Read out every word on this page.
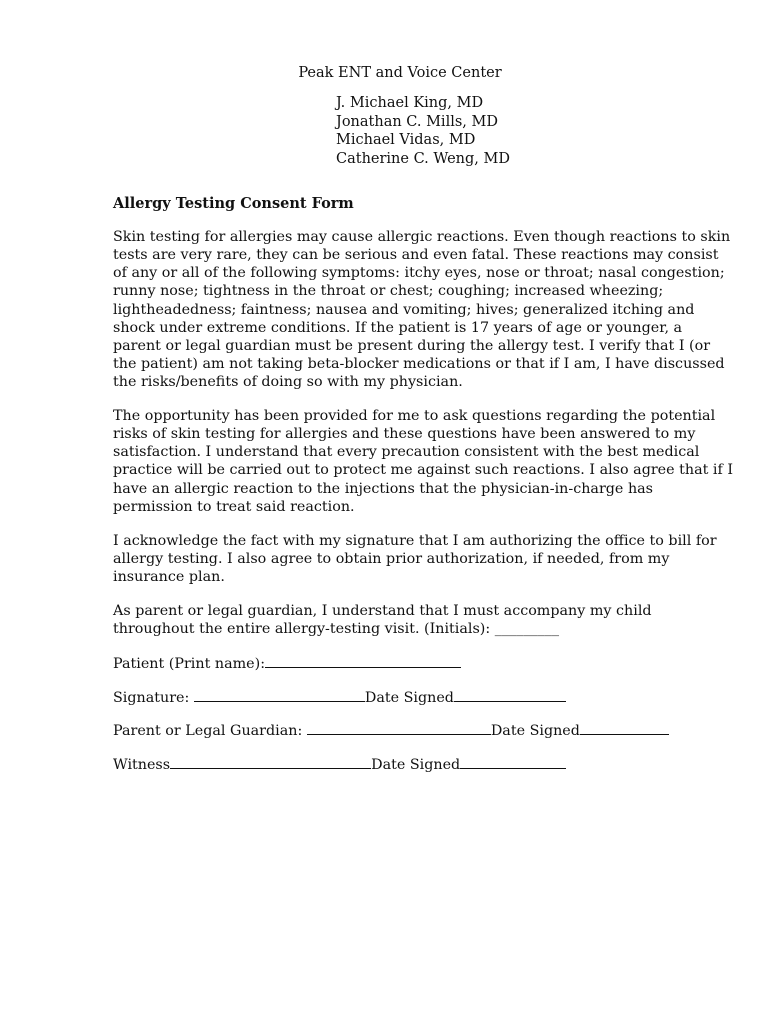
Peak ENT and Voice Center
J. Michael King, MD
Jonathan C. Mills, MD
Michael Vidas, MD
Catherine C. Weng, MD
Allergy Testing Consent Form
Skin testing for allergies may cause allergic reactions. Even though reactions to skin
tests are very rare, they can be serious and even fatal. These reactions may consist
of any or all of the following symptoms: itchy eyes, nose or throat; nasal congestion;
runny nose; tightness in the throat or chest; coughing; increased wheezing;
lightheadedness; faintness; nausea and vomiting; hives; generalized itching and
shock under extreme conditions. If the patient is 17 years of age or younger, a
parent or legal guardian must be present during the allergy test. I verify that I (or
the patient) am not taking beta-blocker medications or that if I am, I have discussed
the risks/benefits of doing so with my physician.
The opportunity has been provided for me to ask questions regarding the potential
risks of skin testing for allergies and these questions have been answered to my
satisfaction. I understand that every precaution consistent with the best medical
practice will be carried out to protect me against such reactions. I also agree that if I
have an allergic reaction to the injections that the physician-in-charge has
permission to treat said reaction.
I acknowledge the fact with my signature that I am authorizing the office to bill for
allergy testing. I also agree to obtain prior authorization, if needed, from my
insurance plan.
As parent or legal guardian, I understand that I must accompany my child
throughout the entire allergy-testing visit. (Initials): _________
Patient (Print name):
Signature:	Date Signed
Parent or Legal Guardian:	Date Signed
Witness	Date Signed
